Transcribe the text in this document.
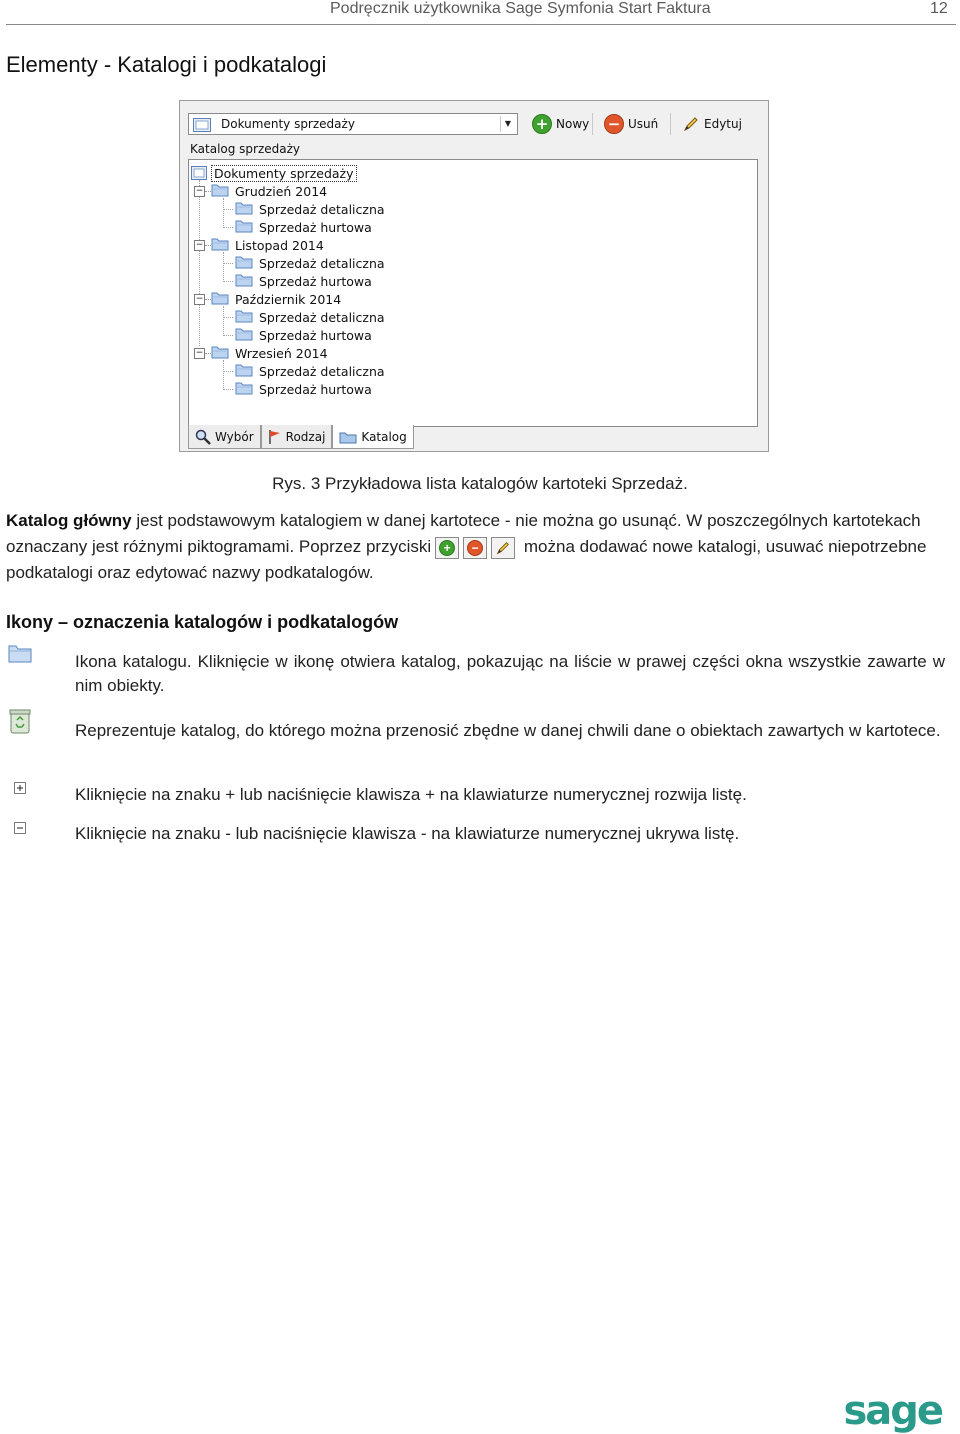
Podręcznik użytkownika Sage Symfonia Start Faktura	12
Elementy - Katalogi i podkatalogi
Dokumenty sprzedaży	▼ + Nowy − Usuń	Edytuj
Katalog sprzedaży
Dokumenty sprzedaży
−	Grudzień 2014
Sprzedaż detaliczna
Sprzedaż hurtowa
−	Listopad 2014
Sprzedaż detaliczna
Sprzedaż hurtowa
−	Październik 2014
Sprzedaż detaliczna
Sprzedaż hurtowa
−	Wrzesień 2014
Sprzedaż detaliczna
Sprzedaż hurtowa
Wybór	Rodzaj	Katalog
Rys. 3 Przykładowa lista katalogów kartoteki Sprzedaż.
Katalog główny jest podstawowym katalogiem w danej kartotece - nie można go usunąć. W poszczególnych kartotekach oznaczany jest różnymi piktogramami. Poprzez przyciski	+	− można dodawać nowe katalogi, usuwać niepotrzebne podkatalogi oraz edytować nazwy podkatalogów.
Ikony – oznaczenia katalogów i podkatalogów
Ikona katalogu. Kliknięcie w ikonę otwiera katalog, pokazując na liście w prawej części okna wszystkie zawarte w nim obiekty.
Reprezentuje katalog, do którego można przenosić zbędne w danej chwili dane o obiektach zawartych w kartotece.
Kliknięcie na znaku + lub naciśnięcie klawisza + na klawiaturze numerycznej rozwija listę.
Kliknięcie na znaku - lub naciśnięcie klawisza - na klawiaturze numerycznej ukrywa listę.
sage
